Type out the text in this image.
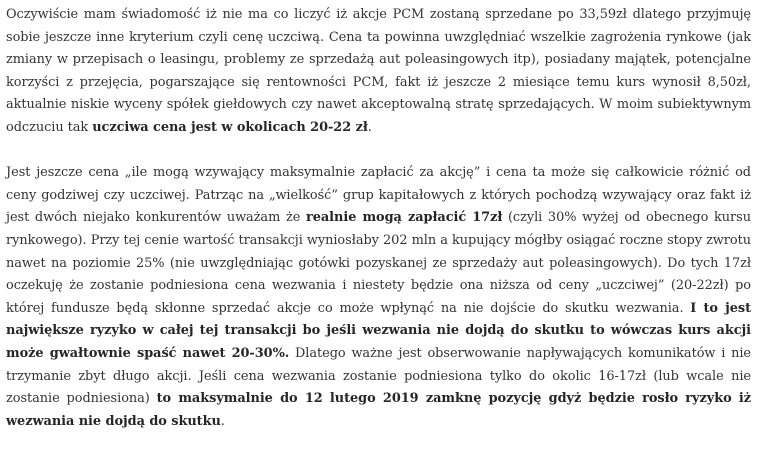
Oczywiście mam świadomość iż nie ma co liczyć iż akcje PCM zostaną sprzedane po 33,59zł dlatego przyjmuję sobie jeszcze inne kryterium czyli cenę uczciwą. Cena ta powinna uwzględniać wszelkie zagrożenia rynkowe (jak zmiany w przepisach o leasingu, problemy ze sprzedażą aut poleasingowych itp), posiadany majątek, potencjalne korzyści z przejęcia, pogarszające się rentowności PCM, fakt iż jeszcze 2 miesiące temu kurs wynosił 8,50zł, aktualnie niskie wyceny spółek giełdowych czy nawet akceptowalną stratę sprzedających. W moim subiektywnym odczuciu tak uczciwa cena jest w okolicach 20-22 zł.

Jest jeszcze cena „ile mogą wzywający maksymalnie zapłacić za akcję” i cena ta może się całkowicie różnić od ceny godziwej czy uczciwej. Patrząc na „wielkość” grup kapitałowych z których pochodzą wzywający oraz fakt iż jest dwóch niejako konkurentów uważam że realnie mogą zapłacić 17zł (czyli 30% wyżej od obecnego kursu rynkowego). Przy tej cenie wartość transakcji wyniosłaby 202 mln a kupujący mógłby osiągać roczne stopy zwrotu nawet na poziomie 25% (nie uwzględniając gotówki pozyskanej ze sprzedaży aut poleasingowych). Do tych 17zł oczekuję że zostanie podniesiona cena wezwania i niestety będzie ona niższa od ceny „uczciwej” (20-22zł) po której fundusze będą skłonne sprzedać akcje co może wpłynąć na nie dojście do skutku wezwania. I to jest największe ryzyko w całej tej transakcji bo jeśli wezwania nie dojdą do skutku to wówczas kurs akcji może gwałtownie spaść nawet 20-30%. Dlatego ważne jest obserwowanie napływających komunikatów i nie trzymanie zbyt długo akcji. Jeśli cena wezwania zostanie podniesiona tylko do okolic 16-17zł (lub wcale nie zostanie podniesiona) to maksymalnie do 12 lutego 2019 zamknę pozycję gdyż będzie rosło ryzyko iż wezwania nie dojdą do skutku.
